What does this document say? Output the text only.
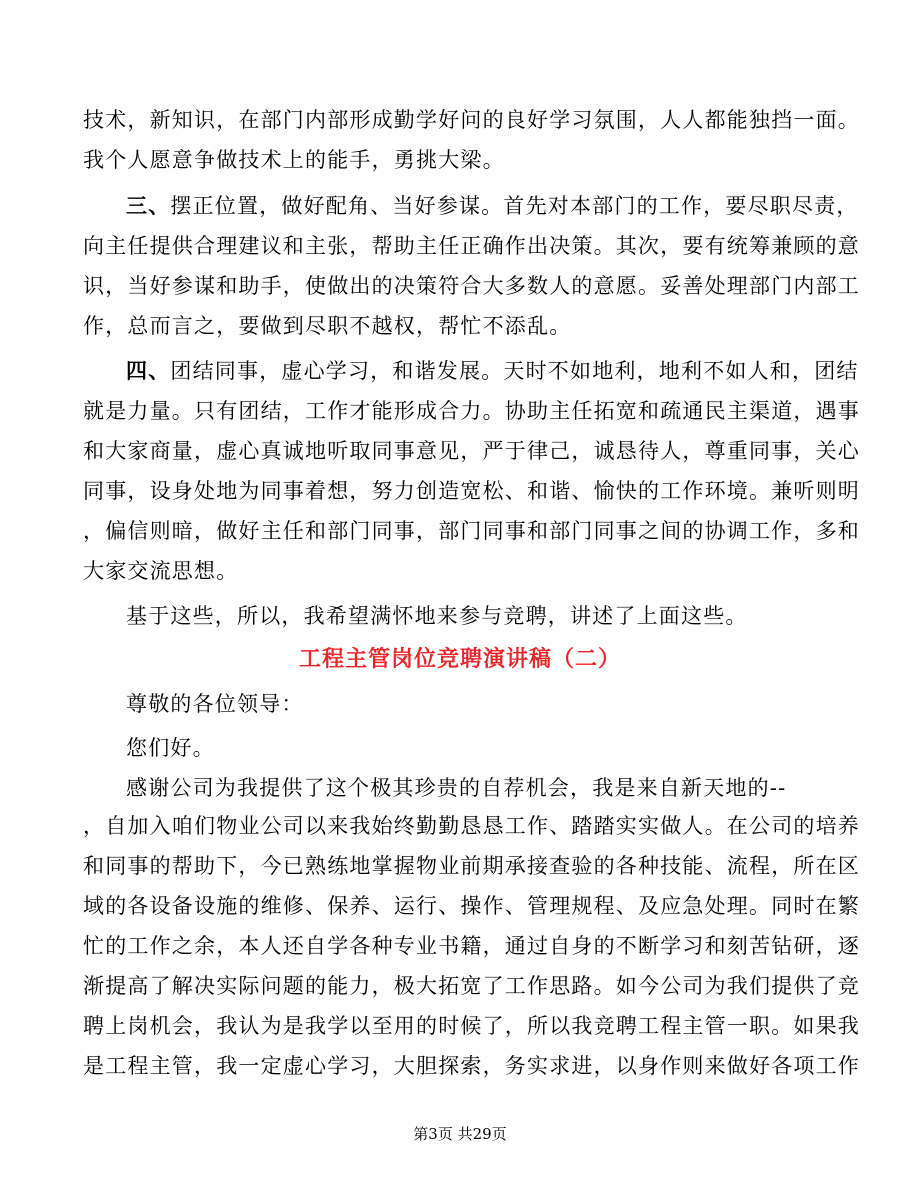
技术，新知识，在部门内部形成勤学好问的良好学习氛围，人人都能独挡一面。
我个人愿意争做技术上的能手，勇挑大梁。
三、摆正位置，做好配角、当好参谋。首先对本部门的工作，要尽职尽责，
向主任提供合理建议和主张，帮助主任正确作出决策。其次，要有统筹兼顾的意
识，当好参谋和助手，使做出的决策符合大多数人的意愿。妥善处理部门内部工
作，总而言之，要做到尽职不越权，帮忙不添乱。
四、团结同事，虚心学习，和谐发展。天时不如地利，地利不如人和，团结
就是力量。只有团结，工作才能形成合力。协助主任拓宽和疏通民主渠道，遇事
和大家商量，虚心真诚地听取同事意见，严于律己，诚恳待人，尊重同事，关心
同事，设身处地为同事着想，努力创造宽松、和谐、愉快的工作环境。兼听则明
，偏信则暗，做好主任和部门同事，部门同事和部门同事之间的协调工作，多和
大家交流思想。
基于这些，所以，我希望满怀地来参与竞聘，讲述了上面这些。
工程主管岗位竞聘演讲稿（二）
尊敬的各位领导：
您们好。
感谢公司为我提供了这个极其珍贵的自荐机会，我是来自新天地的--
，自加入咱们物业公司以来我始终勤勤恳恳工作、踏踏实实做人。在公司的培养
和同事的帮助下，今已熟练地掌握物业前期承接查验的各种技能、流程，所在区
域的各设备设施的维修、保养、运行、操作、管理规程、及应急处理。同时在繁
忙的工作之余，本人还自学各种专业书籍，通过自身的不断学习和刻苦钻研，逐
渐提高了解决实际问题的能力，极大拓宽了工作思路。如今公司为我们提供了竞
聘上岗机会，我认为是我学以至用的时候了，所以我竞聘工程主管一职。如果我
是工程主管，我一定虚心学习，大胆探索，务实求进，以身作则来做好各项工作
第3页 共29页
